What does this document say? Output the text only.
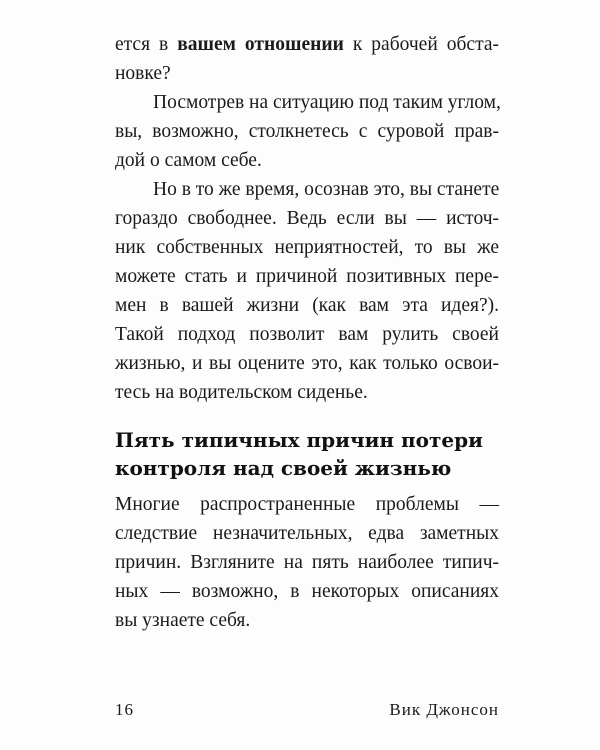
ется в вашем отношении к рабочей обста-
новке?
Посмотрев на ситуацию под таким углом,
вы, возможно, столкнетесь с суровой прав-
дой о самом себе.
Но в то же время, осознав это, вы станете
гораздо свободнее. Ведь если вы — источ-
ник собственных неприятностей, то вы же
можете стать и причиной позитивных пере-
мен в вашей жизни (как вам эта идея?).
Такой подход позволит вам рулить своей
жизнью, и вы оцените это, как только освои-
тесь на водительском сиденье.
Пять типичных причин потери
контроля над своей жизнью
Многие распространенные проблемы —
следствие незначительных, едва заметных
причин. Взгляните на пять наиболее типич-
ных — возможно, в некоторых описаниях
вы узнаете себя.
16	Вик Джонсон
